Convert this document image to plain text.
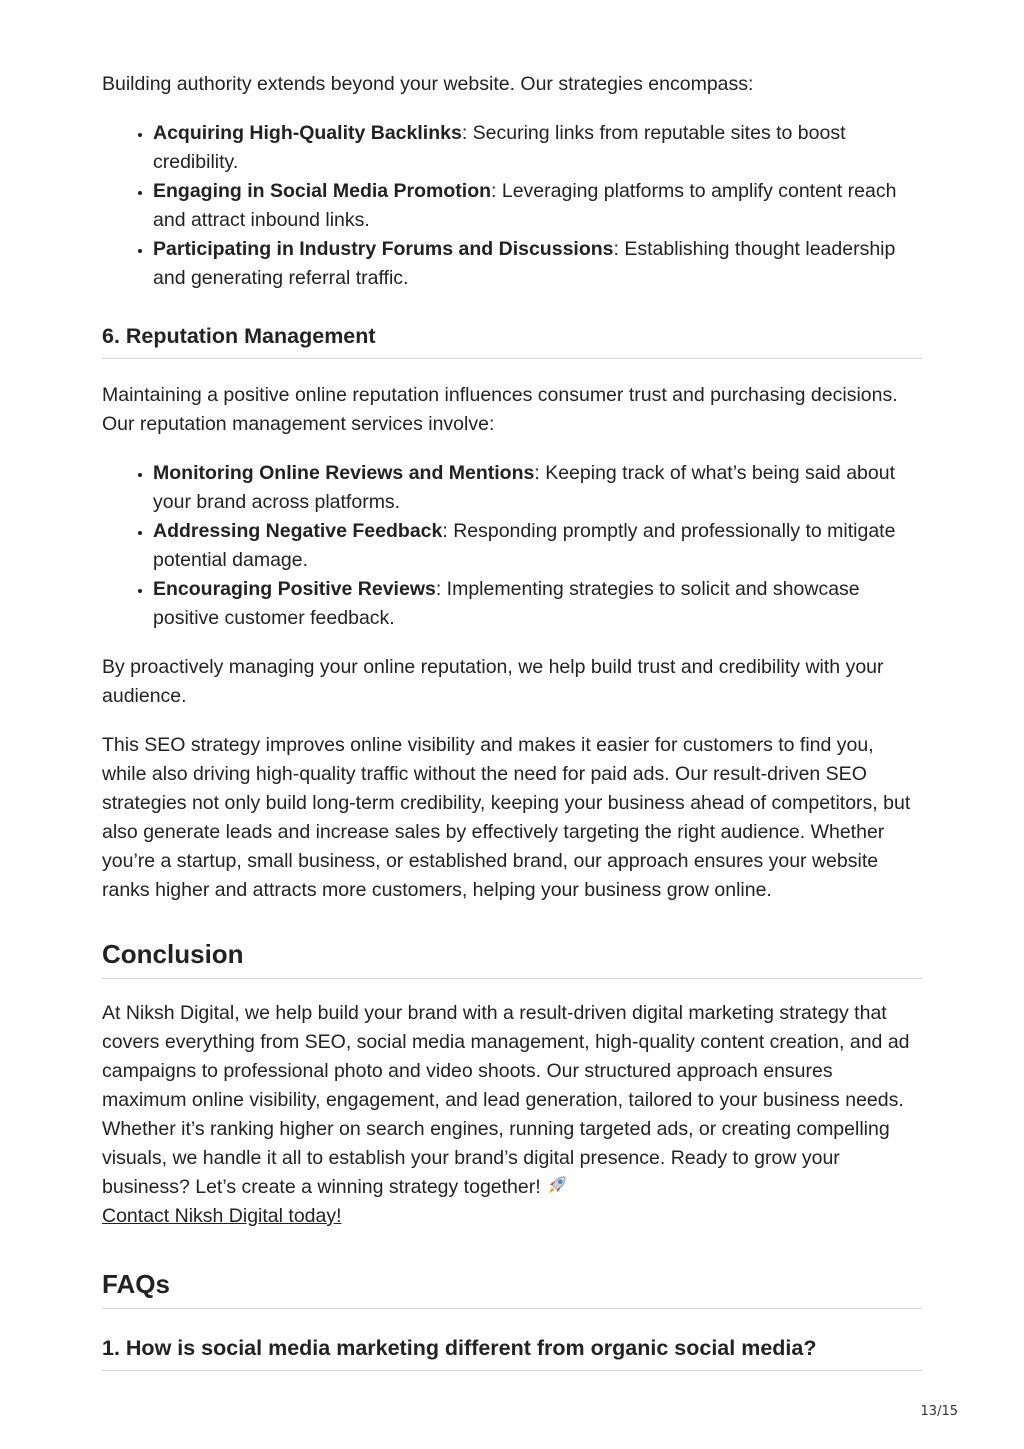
Building authority extends beyond your website. Our strategies encompass:

• Acquiring High-Quality Backlinks: Securing links from reputable sites to boost credibility.
• Engaging in Social Media Promotion: Leveraging platforms to amplify content reach and attract inbound links.
• Participating in Industry Forums and Discussions: Establishing thought leadership and generating referral traffic.
6. Reputation Management

Maintaining a positive online reputation influences consumer trust and purchasing decisions. Our reputation management services involve:

• Monitoring Online Reviews and Mentions: Keeping track of what’s being said about your brand across platforms.
• Addressing Negative Feedback: Responding promptly and professionally to mitigate potential damage.
• Encouraging Positive Reviews: Implementing strategies to solicit and showcase positive customer feedback.

By proactively managing your online reputation, we help build trust and credibility with your audience.

This SEO strategy improves online visibility and makes it easier for customers to find you, while also driving high-quality traffic without the need for paid ads. Our result-driven SEO strategies not only build long-term credibility, keeping your business ahead of competitors, but also generate leads and increase sales by effectively targeting the right audience. Whether you’re a startup, small business, or established brand, our approach ensures your website ranks higher and attracts more customers, helping your business grow online.

Conclusion

At Niksh Digital, we help build your brand with a result-driven digital marketing strategy that covers everything from SEO, social media management, high-quality content creation, and ad campaigns to professional photo and video shoots. Our structured approach ensures maximum online visibility, engagement, and lead generation, tailored to your business needs. Whether it’s ranking higher on search engines, running targeted ads, or creating compelling visuals, we handle it all to establish your brand’s digital presence. Ready to grow your business? Let’s create a winning strategy together!
Contact Niksh Digital today!

FAQs
1. How is social media marketing different from organic social media?
13/15
